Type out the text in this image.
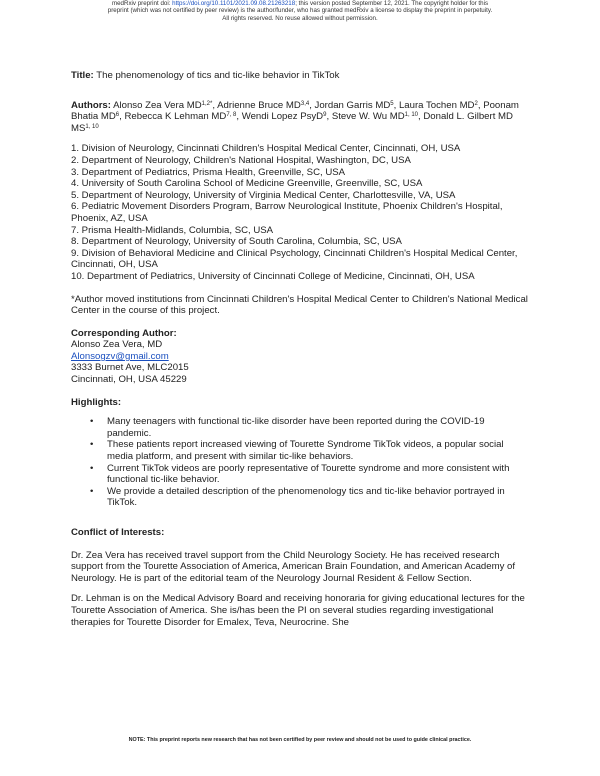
medRxiv preprint doi: https://doi.org/10.1101/2021.09.08.21263218; this version posted September 12, 2021. The copyright holder for this
preprint (which was not certified by peer review) is the author/funder, who has granted medRxiv a license to display the preprint in perpetuity.
All rights reserved. No reuse allowed without permission.

Title: The phenomenology of tics and tic-like behavior in TikTok

Authors: Alonso Zea Vera $MD^{1,2*}$, Adrienne Bruce MD$^{3,4}$, Jordan Garris $MD^5$, Laura Tochen $MD^2$, Poonam Bhatia $MD^6$, Rebecca K Lehman MD$^{7, 8}$, Wendi Lopez PsyD$^9$, Steve W. Wu MD$^{1, 10}$, Donald L. Gilbert MD MS$^{1, 10}$

1. Division of Neurology, Cincinnati Children's Hospital Medical Center, Cincinnati, OH, USA

2. Department of Neurology, Children's National Hospital, Washington, DC, USA

3. Department of Pediatrics, Prisma Health, Greenville, SC, USA

4. University of South Carolina School of Medicine Greenville, Greenville, SC, USA

5. Department of Neurology, University of Virginia Medical Center, Charlottesville, VA, USA

6. Pediatric Movement Disorders Program, Barrow Neurological Institute, Phoenix Children's Hospital, Phoenix, AZ, USA

7. Prisma Health-Midlands, Columbia, SC, USA

8. Department of Neurology, University of South Carolina, Columbia, SC, USA

9. Division of Behavioral Medicine and Clinical Psychology, Cincinnati Children's Hospital Medical Center, Cincinnati, OH, USA

10. Department of Pediatrics, University of Cincinnati College of Medicine, Cincinnati, OH, USA

*Author moved institutions from Cincinnati Children's Hospital Medical Center to Children's National Medical Center in the course of this project.

Corresponding Author:

Alonso Zea Vera, MD

Alonsogzv@gmail.com

3333 Burnet Ave, MLC2015

Cincinnati, OH, USA 45229

Highlights:

• Many teenagers with functional tic-like disorder have been reported during the COVID-19 pandemic.
• These patients report increased viewing of Tourette Syndrome TikTok videos, a popular social media platform, and present with similar tic-like behaviors.
• Current TikTok videos are poorly representative of Tourette syndrome and more consistent with functional tic-like behavior.
• We provide a detailed description of the phenomenology tics and tic-like behavior portrayed in TikTok.

Conflict of Interests:

Dr. Zea Vera has received travel support from the Child Neurology Society. He has received research support from the Tourette Association of America, American Brain Foundation, and American Academy of Neurology. He is part of the editorial team of the Neurology Journal Resident & Fellow Section.

Dr. Lehman is on the Medical Advisory Board and receiving honoraria for giving educational lectures for the Tourette Association of America. She is/has been the PI on several studies regarding investigational therapies for Tourette Disorder for Emalex, Teva, Neurocrine. She

NOTE: This preprint reports new research that has not been certified by peer review and should not be used to guide clinical practice.
